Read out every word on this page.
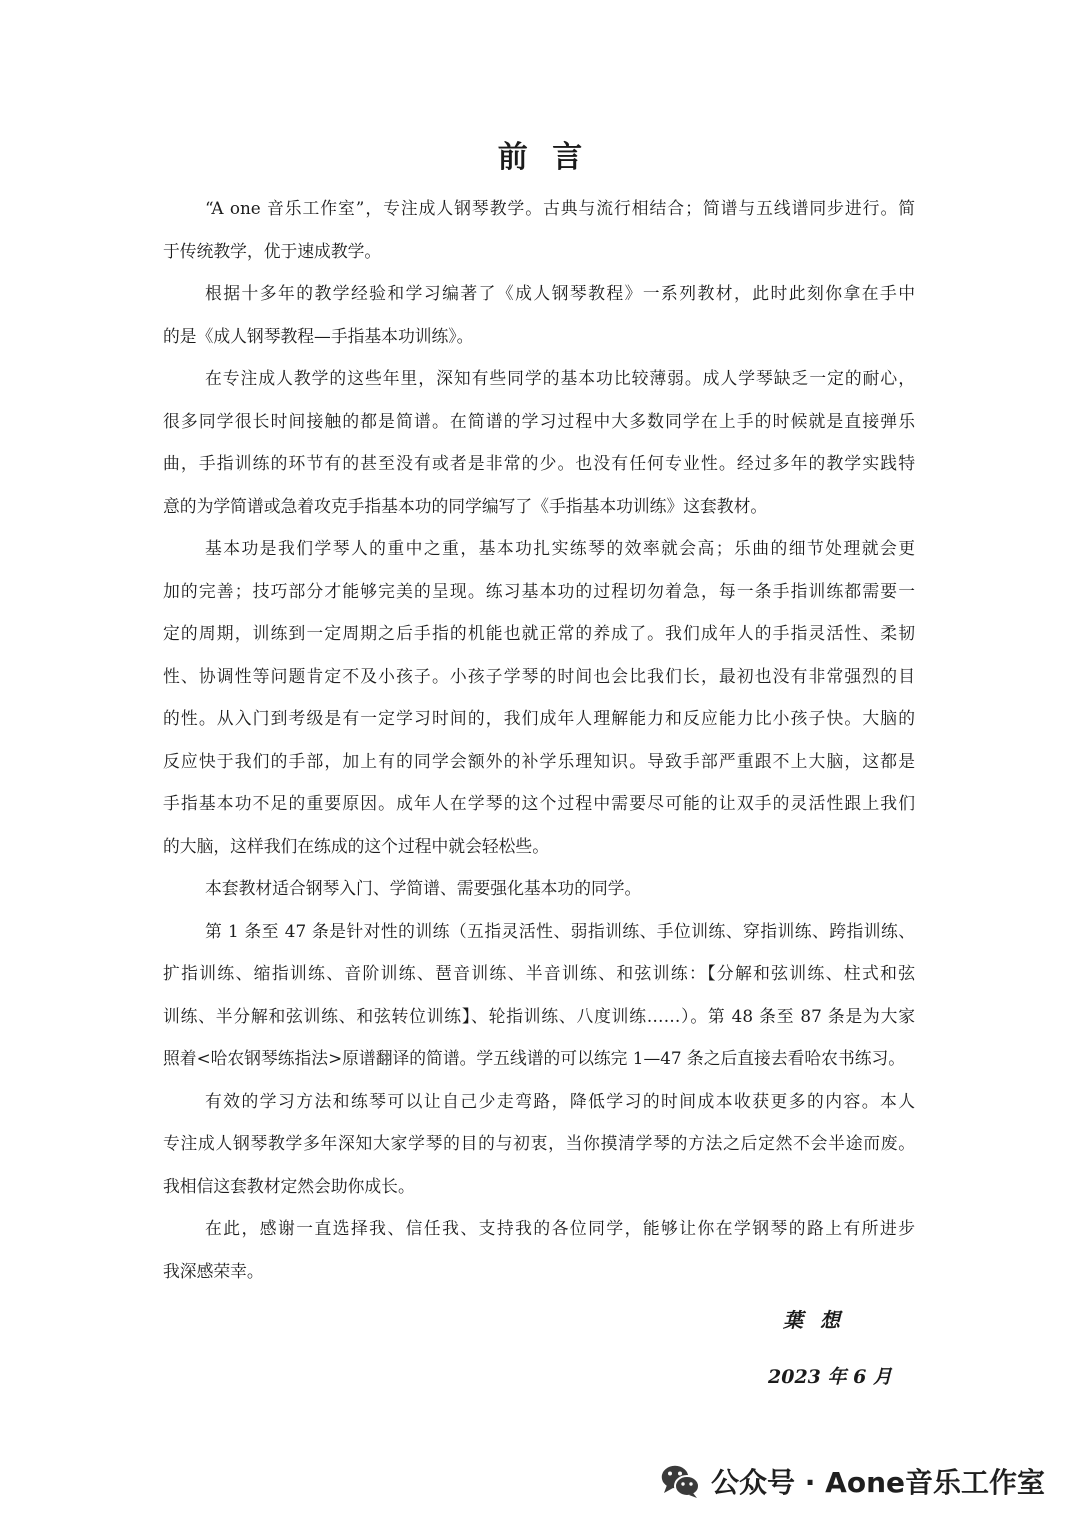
前 言
“A one 音乐工作室”，专注成人钢琴教学。古典与流行相结合；简谱与五线谱同步进行。简
于传统教学，优于速成教学。
根据十多年的教学经验和学习编著了《成人钢琴教程》一系列教材，此时此刻你拿在手中
的是《成人钢琴教程—手指基本功训练》。
在专注成人教学的这些年里，深知有些同学的基本功比较薄弱。成人学琴缺乏一定的耐心，
很多同学很长时间接触的都是简谱。在简谱的学习过程中大多数同学在上手的时候就是直接弹乐
曲，手指训练的环节有的甚至没有或者是非常的少。也没有任何专业性。经过多年的教学实践特
意的为学简谱或急着攻克手指基本功的同学编写了《手指基本功训练》这套教材。
基本功是我们学琴人的重中之重，基本功扎实练琴的效率就会高；乐曲的细节处理就会更
加的完善；技巧部分才能够完美的呈现。练习基本功的过程切勿着急，每一条手指训练都需要一
定的周期，训练到一定周期之后手指的机能也就正常的养成了。我们成年人的手指灵活性、柔韧
性、协调性等问题肯定不及小孩子。小孩子学琴的时间也会比我们长，最初也没有非常强烈的目
的性。从入门到考级是有一定学习时间的，我们成年人理解能力和反应能力比小孩子快。大脑的
反应快于我们的手部，加上有的同学会额外的补学乐理知识。导致手部严重跟不上大脑，这都是
手指基本功不足的重要原因。成年人在学琴的这个过程中需要尽可能的让双手的灵活性跟上我们
的大脑，这样我们在练成的这个过程中就会轻松些。
本套教材适合钢琴入门、学简谱、需要强化基本功的同学。
第 1 条至 47 条是针对性的训练（五指灵活性、弱指训练、手位训练、穿指训练、跨指训练、
扩指训练、缩指训练、音阶训练、琶音训练、半音训练、和弦训练：【分解和弦训练、柱式和弦
训练、半分解和弦训练、和弦转位训练】、轮指训练、八度训练……）。第 48 条至 87 条是为大家
照着<哈农钢琴练指法>原谱翻译的简谱。学五线谱的可以练完 1—47 条之后直接去看哈农书练习。
有效的学习方法和练琴可以让自己少走弯路，降低学习的时间成本收获更多的内容。本人
专注成人钢琴教学多年深知大家学琴的目的与初衷，当你摸清学琴的方法之后定然不会半途而废。
我相信这套教材定然会助你成长。
在此，感谢一直选择我、信任我、支持我的各位同学，能够让你在学钢琴的路上有所进步
我深感荣幸。
葉 想
2023 年 6 月
公众号 · Aone音乐工作室
